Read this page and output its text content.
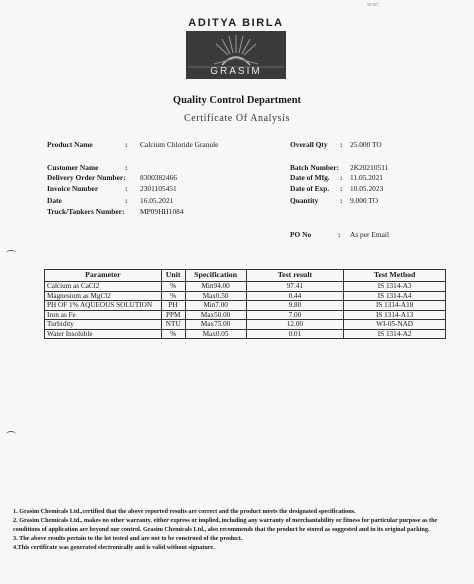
≡=≡=
ADITYA BIRLA
GRASIM
Quality Control Department
Certificate Of Analysis
Product Name	: Calcium Chloride Granule
Customer Name	:
Delivery Order Number: 8300382466
Invoice Number	: 2301105451
Date	: 16.05.2021
Truck/Tankers Number: MP09HH1084
Overall Qty : 25.000 TO
Batch Number: 2K20210511
Date of Mfg. : 11.05.2021
Date of Exp. : 10.05.2023
Quantity	: 9.000 TO
PO No	: As per Email
Parameter	Unit	Specification	Test result	Test Method
Calcium as CaCl2	%	Min94.00	97.41	IS 1314-A3
Magnesium as MgCl2	%	Max0.50	0.44	IS 1314-A4
PH OF 1% AQUEOUS SOLUTION	PH	Min7.00	9.80	IS 1314-A18
Iron as Fe	PPM	Max50.00	7.00	IS 1314-A13
Turbidity	NTU	Max75.00	12.00	WI-05-NAD
Water Insoluble	%	Max0.05	0.01	IS 1314-A2

1. Grasim Chemicals Ltd.,certified that the above reported results are correct and the product meets the designated specifications.

2. Grasim Chemicals Ltd., makes no other warranty, either express or implied, including any warranty of merchantability or fitness for particular purpose as the conditions of application are beyond our control. Grasim Chemicals Ltd., also recommends that the product be stored as suggested and in its original packing.

3. The above results pertain to the lot tested and are not to be construed of the product.

4.This certificate was generated electronically and is valid without signature.
